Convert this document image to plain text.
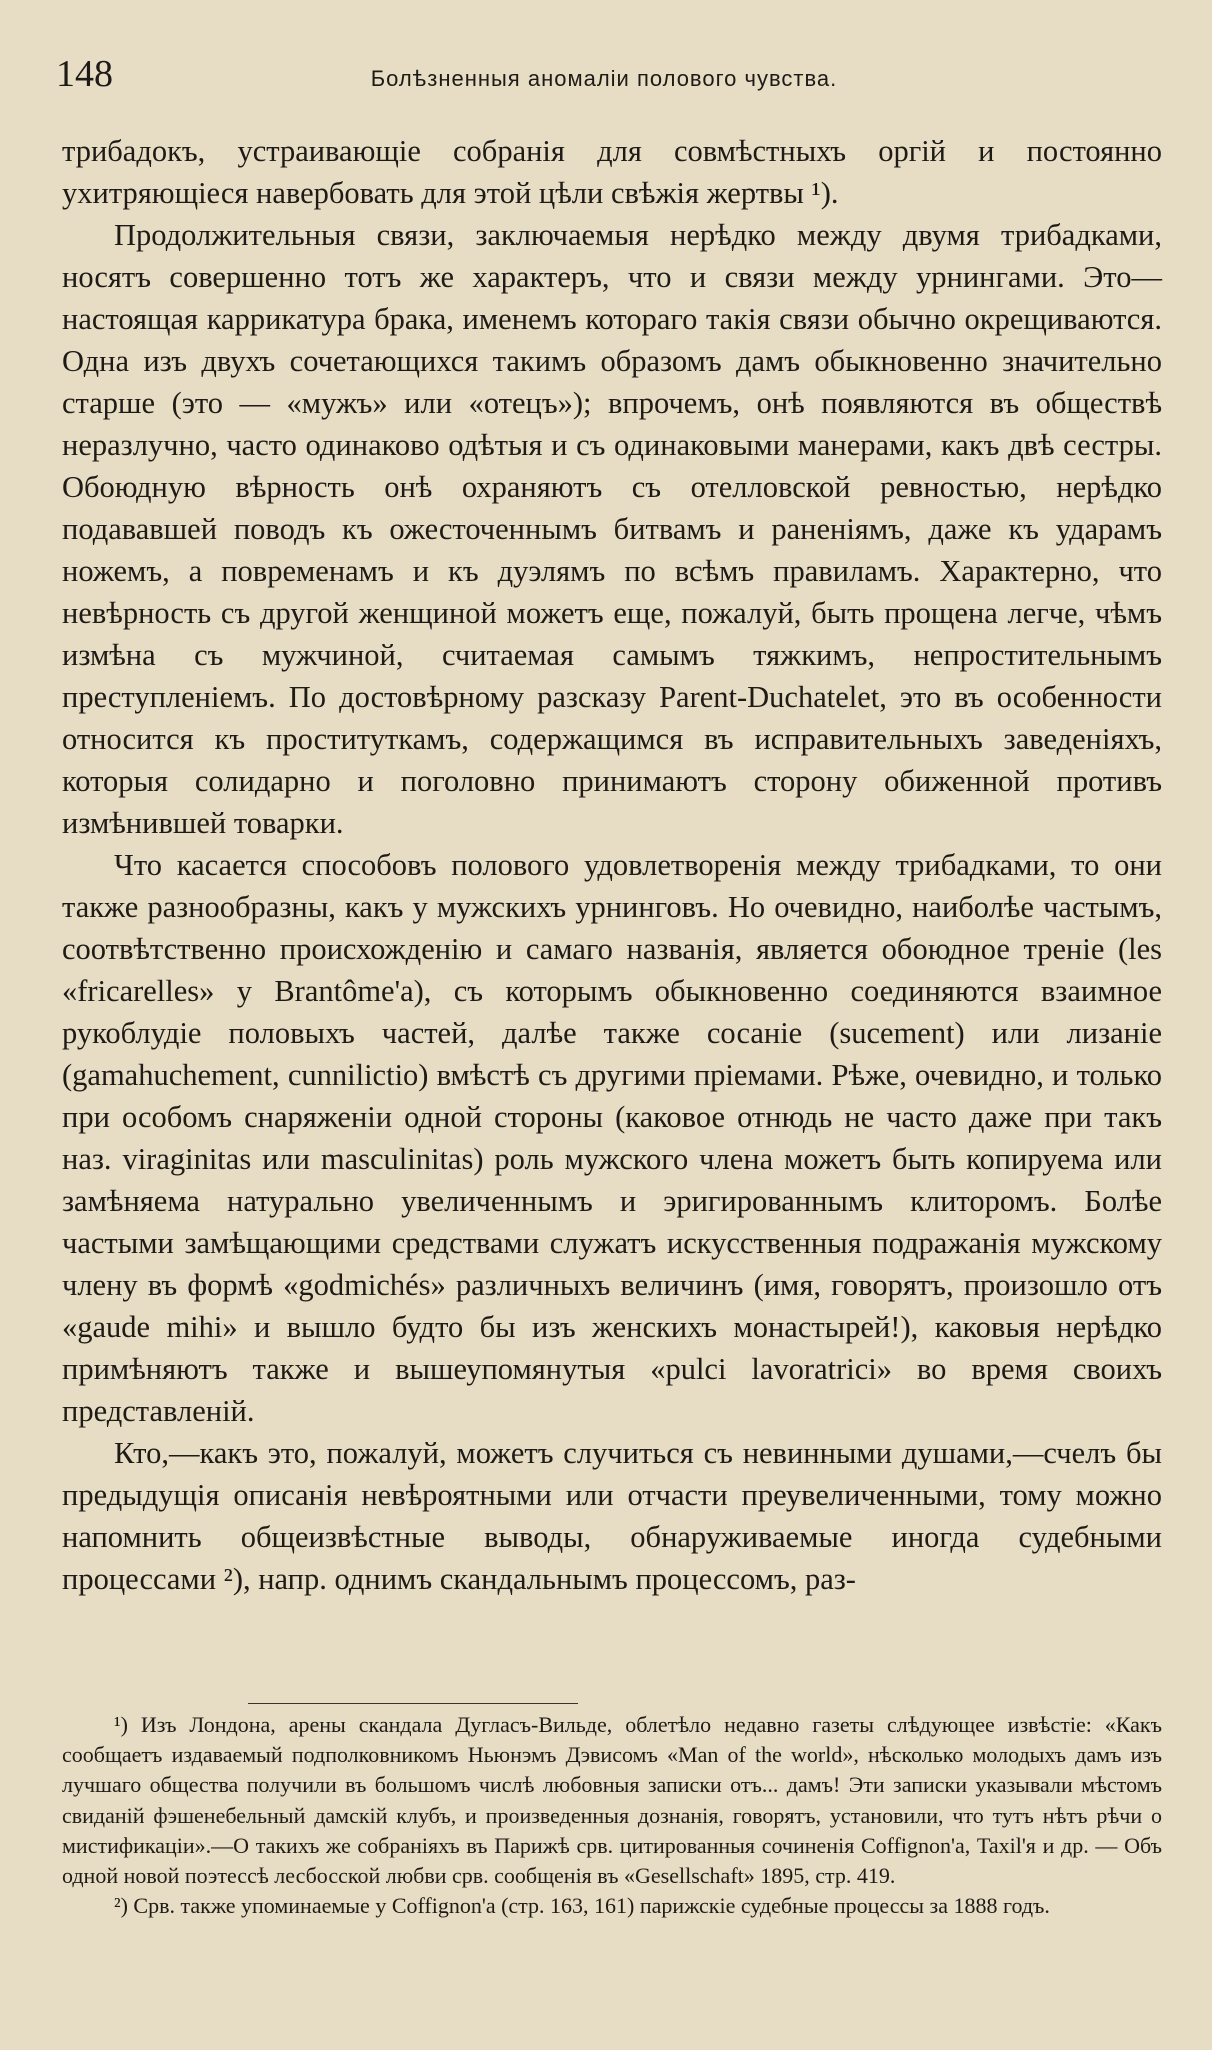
148	Болѣзненныя аномаліи полового чувства.

трибадокъ, устраивающіе собранія для совмѣстныхъ оргій и постоянно ухитряющіеся навербовать для этой цѣли свѣжія жертвы ¹).

Продолжительныя связи, заключаемыя нерѣдко между двумя трибадками, носятъ совершенно тотъ же характеръ, что и связи между урнингами. Это—настоящая каррикатура брака, именемъ котораго такія связи обычно окрещиваются. Одна изъ двухъ сочетающихся такимъ образомъ дамъ обыкновенно значительно старше (это — «мужъ» или «отецъ»); впрочемъ, онѣ появляются въ обществѣ неразлучно, часто одинаково одѣтыя и съ одинаковыми манерами, какъ двѣ сестры. Обоюдную вѣрность онѣ охраняютъ съ отелловской ревностью, нерѣдко подававшей поводъ къ ожесточеннымъ битвамъ и раненіямъ, даже къ ударамъ ножемъ, а повременамъ и къ дуэлямъ по всѣмъ правиламъ. Характерно, что невѣрность съ другой женщиной можетъ еще, пожалуй, быть прощена легче, чѣмъ измѣна съ мужчиной, считаемая самымъ тяжкимъ, непростительнымъ преступленіемъ. По достовѣрному разсказу Parent-Duchatelet, это въ особенности относится къ проституткамъ, содержащимся въ исправительныхъ заведеніяхъ, которыя солидарно и поголовно принимаютъ сторону обиженной противъ измѣнившей товарки.

Что касается способовъ полового удовлетворенія между трибадками, то они также разнообразны, какъ у мужскихъ урнинговъ. Но очевидно, наиболѣе частымъ, соотвѣтственно происхожденію и самаго названія, является обоюдное треніе (les «fricarelles» у Brantôme'а), съ которымъ обыкновенно соединяются взаимное рукоблудіе половыхъ частей, далѣе также сосаніе (sucement) или лизаніе (gamahuchement, cunnilictio) вмѣстѣ съ другими пріемами. Рѣже, очевидно, и только при особомъ снаряженіи одной стороны (каковое отнюдь не часто даже при такъ наз. viraginitas или masculinitas) роль мужского члена можетъ быть копируема или замѣняема натурально увеличеннымъ и эригированнымъ клиторомъ. Болѣе частыми замѣщающими средствами служатъ искусственныя подражанія мужскому члену въ формѣ «godmichés» различныхъ величинъ (имя, говорятъ, произошло отъ «gaude mihi» и вышло будто бы изъ женскихъ монастырей!), каковыя нерѣдко примѣняютъ также и вышеупомянутыя «pulci lavoratrici» во время своихъ представленій.

Кто,—какъ это, пожалуй, можетъ случиться съ невинными душами,—счелъ бы предыдущія описанія невѣроятными или отчасти преувеличенными, тому можно напомнить общеизвѣстные выводы, обнаруживаемые иногда судебными процессами ²), напр. однимъ скандальнымъ процессомъ, раз-

¹) Изъ Лондона, арены скандала Дугласъ-Вильде, облетѣло недавно газеты слѣдующее извѣстіе: «Какъ сообщаетъ издаваемый подполковникомъ Ньюнэмъ Дэвисомъ «Man of the world», нѣсколько молодыхъ дамъ изъ лучшаго общества получили въ большомъ числѣ любовныя записки отъ... дамъ! Эти записки указывали мѣстомъ свиданій фэшенебельный дамскій клубъ, и произведенныя дознанія, говорятъ, установили, что тутъ нѣтъ рѣчи о мистификаціи».—О такихъ же собраніяхъ въ Парижѣ срв. цитированныя сочиненія Coffignon'а, Taxil'я и др. — Объ одной новой поэтессѣ лесбосской любви срв. сообщенія въ «Gesellschaft» 1895, стр. 419.

²) Срв. также упоминаемые у Coffignon'а (стр. 163, 161) парижскіе судебные процессы за 1888 годъ.
